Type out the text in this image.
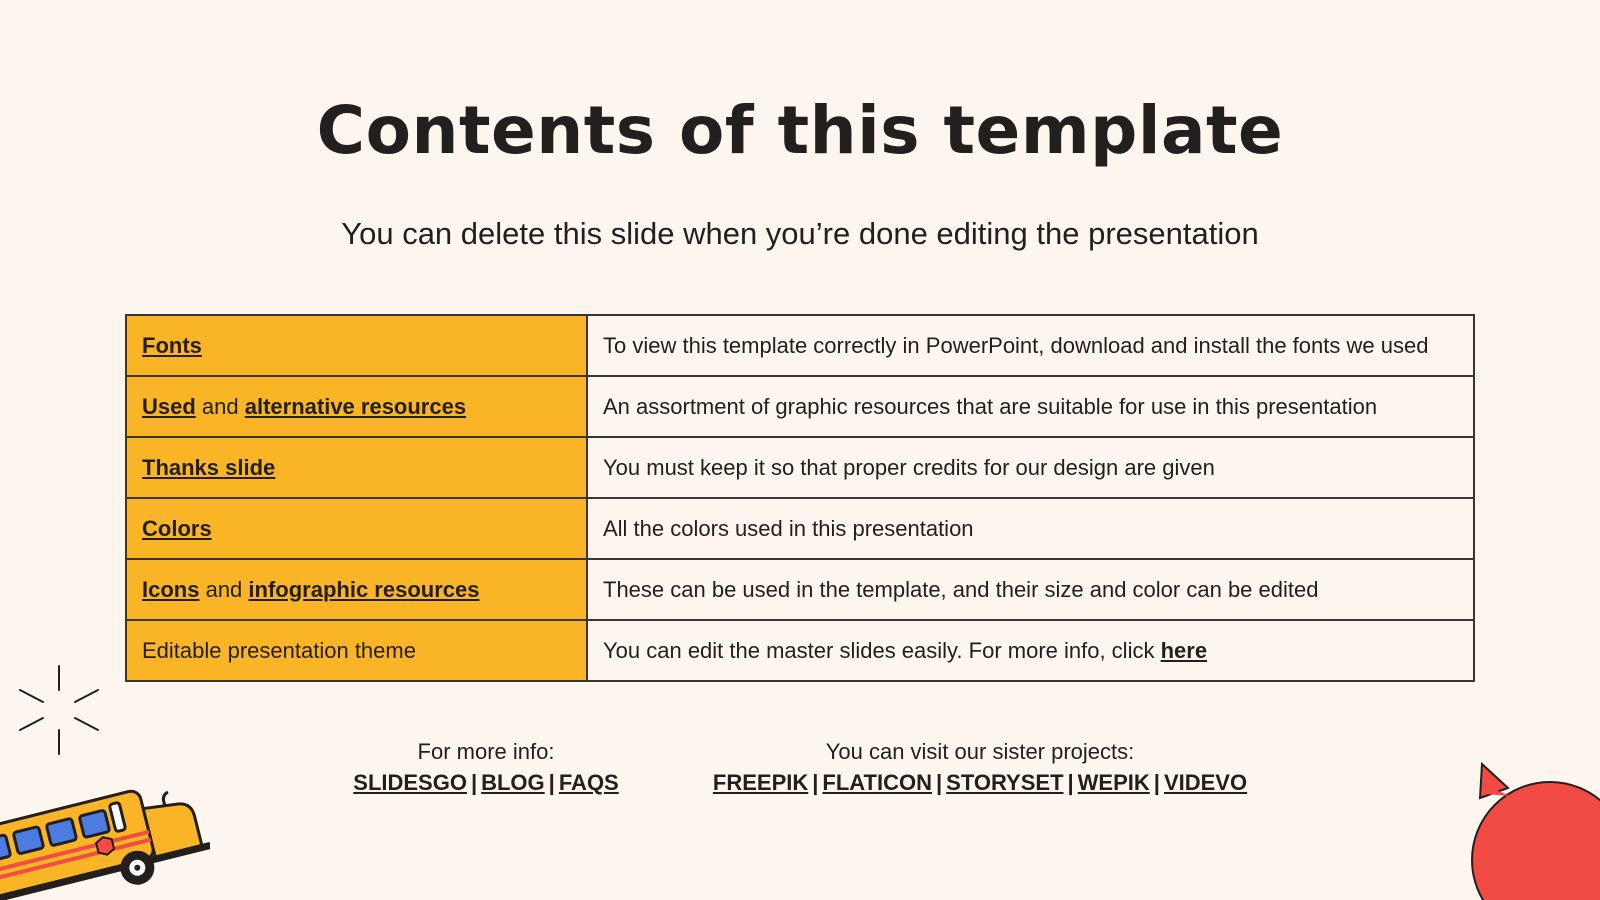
Contents of this template

You can delete this slide when you’re done editing the presentation

Fonts	To view this template correctly in PowerPoint, download and install the fonts we used
Used and alternative resources	An assortment of graphic resources that are suitable for use in this presentation
Thanks slide	You must keep it so that proper credits for our design are given
Colors	All the colors used in this presentation
Icons and infographic resources	These can be used in the template, and their size and color can be edited
Editable presentation theme	You can edit the master slides easily. For more info, click here
For more info:
SLIDESGO | BLOG | FAQS
You can visit our sister projects:
FREEPIK | FLATICON | STORYSET | WEPIK | VIDEVO
